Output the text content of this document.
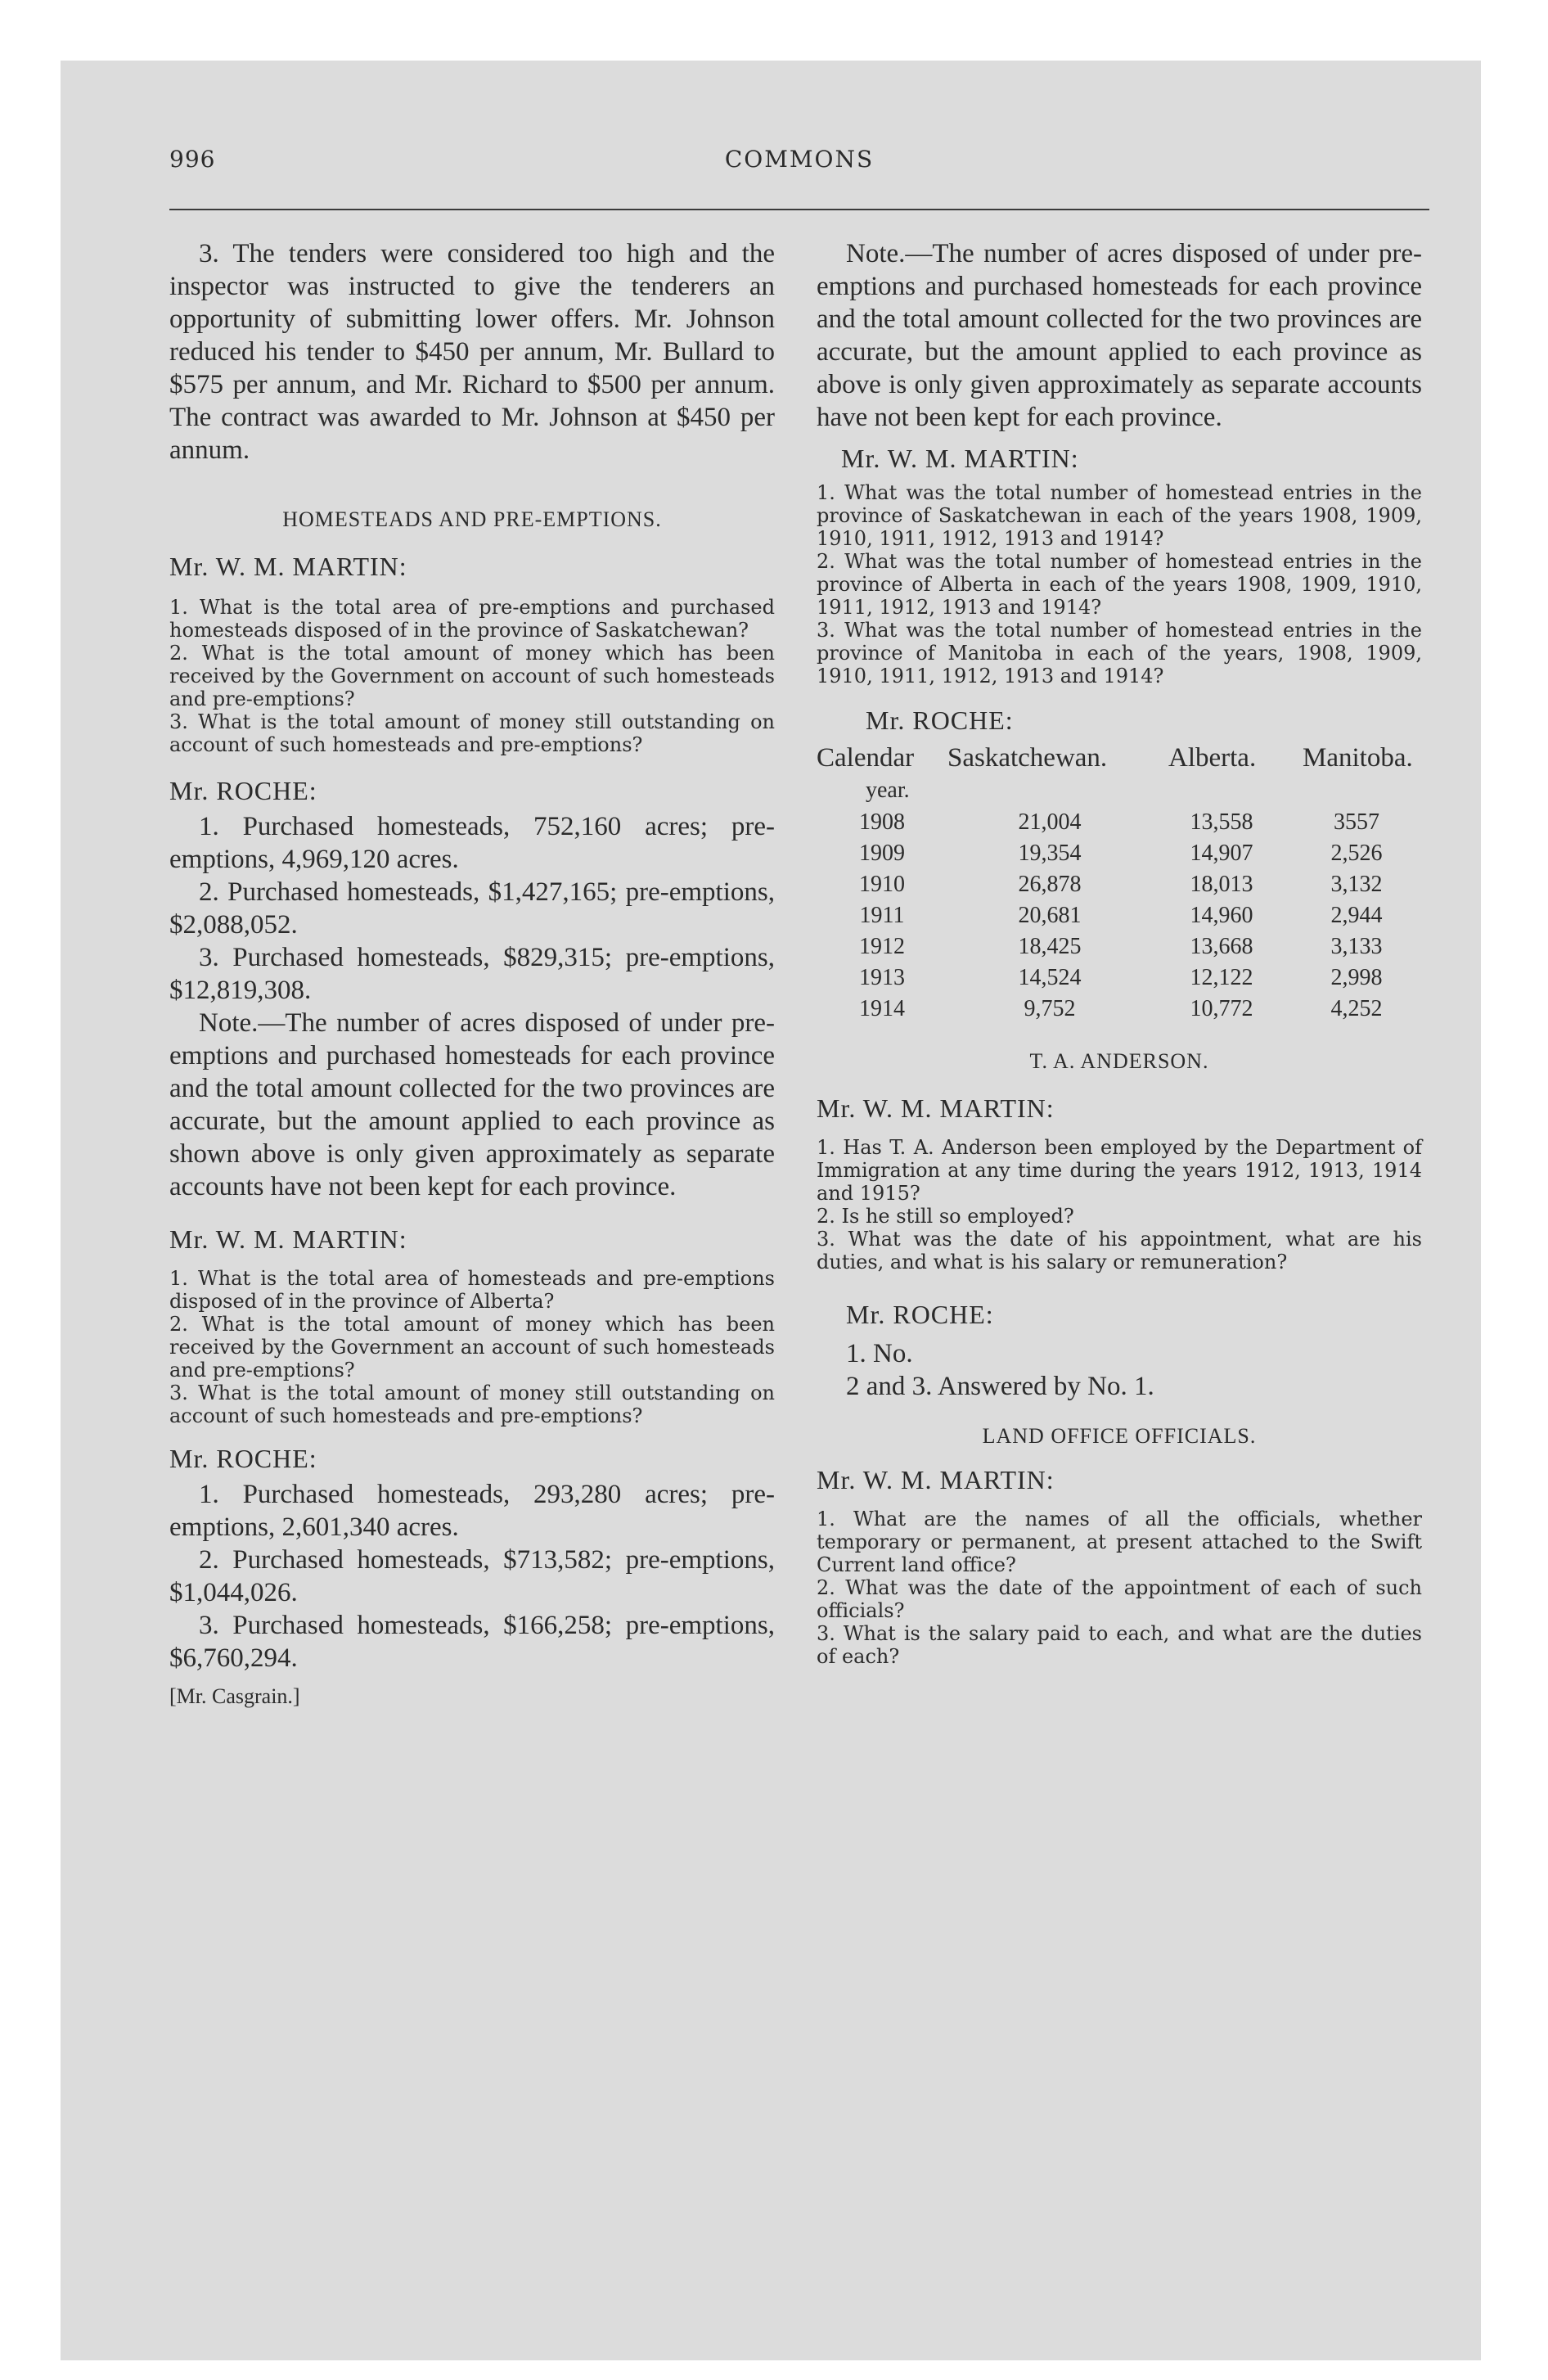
996	COMMONS

3. The tenders were considered too high and the inspector was instructed to give the tenderers an opportunity of submitting lower offers. Mr. Johnson reduced his tender to $450 per annum, Mr. Bullard to $575 per annum, and Mr. Richard to $500 per annum. The contract was awarded to Mr. Johnson at $450 per annum.

HOMESTEADS AND PRE-EMPTIONS.

Mr. W. M. MARTIN:

1. What is the total area of pre-emptions and purchased homesteads disposed of in the province of Saskatchewan?

2. What is the total amount of money which has been received by the Government on account of such homesteads and pre-emptions?

3. What is the total amount of money still outstanding on account of such homesteads and pre-emptions?

Mr. ROCHE:

1. Purchased homesteads, 752,160 acres; pre-emptions, 4,969,120 acres.

2. Purchased homesteads, $1,427,165; pre-emptions, $2,088,052.

3. Purchased homesteads, $829,315; pre-emptions, $12,819,308.

Note.—The number of acres disposed of under pre-emptions and purchased homesteads for each province and the total amount collected for the two provinces are accurate, but the amount applied to each province as shown above is only given approximately as separate accounts have not been kept for each province.

Mr. W. M. MARTIN:

1. What is the total area of homesteads and pre-emptions disposed of in the province of Alberta?

2. What is the total amount of money which has been received by the Government an account of such homesteads and pre-emptions?

3. What is the total amount of money still outstanding on account of such homesteads and pre-emptions?

Mr. ROCHE:

1. Purchased homesteads, 293,280 acres; pre-emptions, 2,601,340 acres.

2. Purchased homesteads, $713,582; pre-emptions, $1,044,026.

3. Purchased homesteads, $166,258; pre-emptions, $6,760,294.

[Mr. Casgrain.]

Note.—The number of acres disposed of under pre-emptions and purchased homesteads for each province and the total amount collected for the two provinces are accurate, but the amount applied to each province as above is only given approximately as separate accounts have not been kept for each province.

Mr. W. M. MARTIN:

1. What was the total number of homestead entries in the province of Saskatchewan in each of the years 1908, 1909, 1910, 1911, 1912, 1913 and 1914?

2. What was the total number of homestead entries in the province of Alberta in each of the years 1908, 1909, 1910, 1911, 1912, 1913 and 1914?

3. What was the total number of homestead entries in the province of Manitoba in each of the years, 1908, 1909, 1910, 1911, 1912, 1913 and 1914?

Mr. ROCHE:

Calendar	Saskatchewan.	Alberta.	Manitoba.
year.			
1908	21,004	13,558	3557
1909	19,354	14,907	2,526
1910	26,878	18,013	3,132
1911	20,681	14,960	2,944
1912	18,425	13,668	3,133
1913	14,524	12,122	2,998
1914	9,752	10,772	4,252

T. A. ANDERSON.

Mr. W. M. MARTIN:

1. Has T. A. Anderson been employed by the Department of Immigration at any time during the years 1912, 1913, 1914 and 1915?

2. Is he still so employed?

3. What was the date of his appointment, what are his duties, and what is his salary or remuneration?

Mr. ROCHE:

1. No.

2 and 3. Answered by No. 1.

LAND OFFICE OFFICIALS.

Mr. W. M. MARTIN:

1. What are the names of all the officials, whether temporary or permanent, at present attached to the Swift Current land office?

2. What was the date of the appointment of each of such officials?

3. What is the salary paid to each, and what are the duties of each?
